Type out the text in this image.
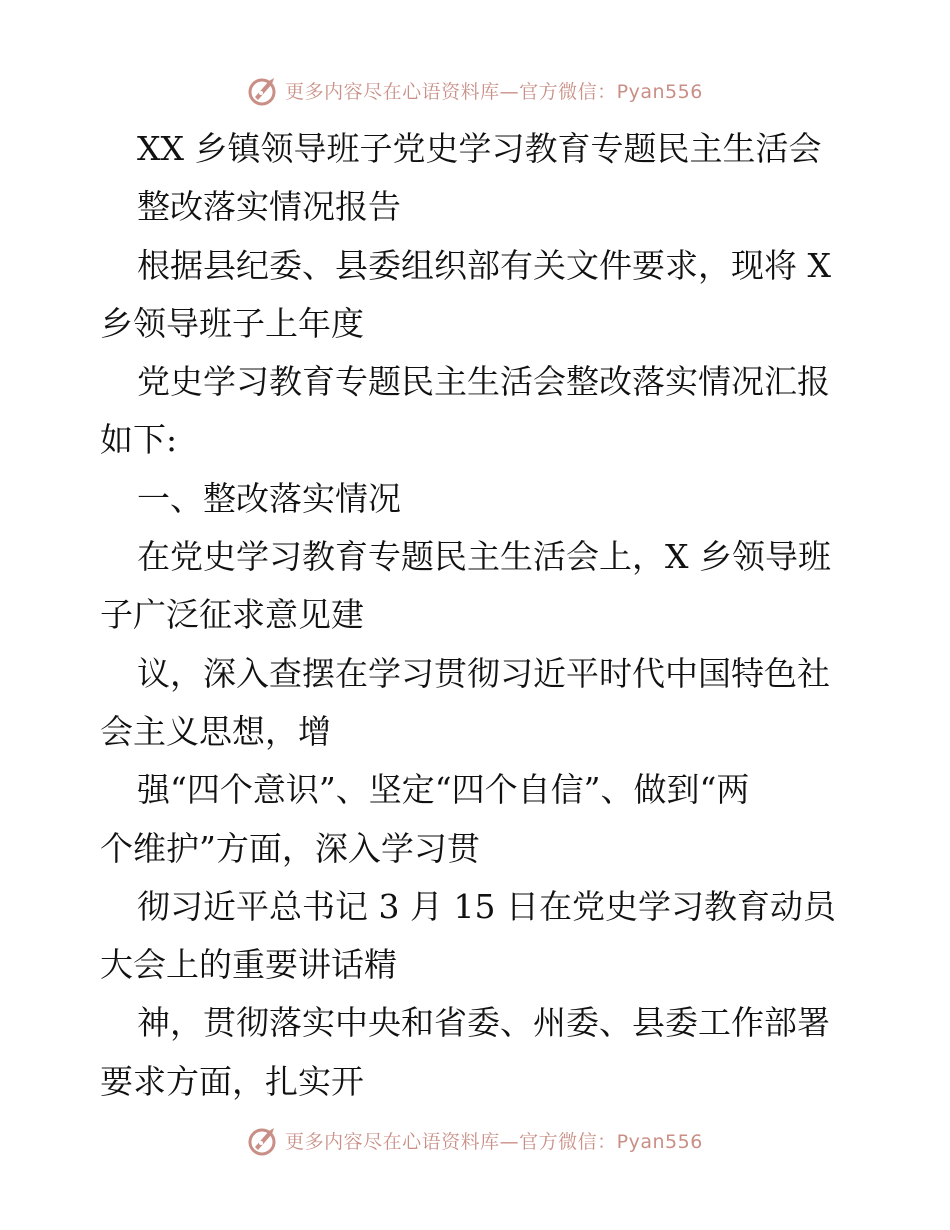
更多内容尽在心语资料库—官方微信：Pyan556
XX 乡镇领导班子党史学习教育专题民主生活会
整改落实情况报告
根据县纪委、县委组织部有关文件要求，现将 X
乡领导班子上年度
党史学习教育专题民主生活会整改落实情况汇报
如下:
一、整改落实情况
在党史学习教育专题民主生活会上，X 乡领导班
子广泛征求意见建
议，深入查摆在学习贯彻习近平时代中国特色社
会主义思想，增
强“四个意识”、坚定“四个自信”、做到“两
个维护”方面，深入学习贯
彻习近平总书记 3 月 15 日在党史学习教育动员
大会上的重要讲话精
神，贯彻落实中央和省委、州委、县委工作部署
要求方面，扎实开
更多内容尽在心语资料库—官方微信：Pyan556
